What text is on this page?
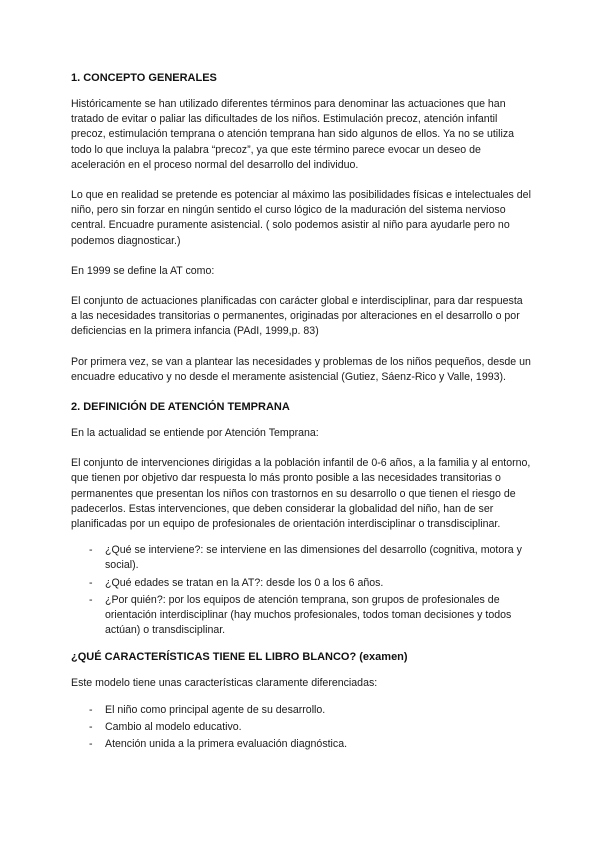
1. CONCEPTO GENERALES

Históricamente se han utilizado diferentes términos para denominar las actuaciones que han tratado de evitar o paliar las dificultades de los niños. Estimulación precoz, atención infantil precoz, estimulación temprana o atención temprana han sido algunos de ellos. Ya no se utiliza todo lo que incluya la palabra “precoz”, ya que este término parece evocar un deseo de aceleración en el proceso normal del desarrollo del individuo.

Lo que en realidad se pretende es potenciar al máximo las posibilidades físicas e intelectuales del niño, pero sin forzar en ningún sentido el curso lógico de la maduración del sistema nervioso central. Encuadre puramente asistencial. ( solo podemos asistir al niño para ayudarle pero no podemos diagnosticar.)

En 1999 se define la AT como:

El conjunto de actuaciones planificadas con carácter global e interdisciplinar, para dar respuesta a las necesidades transitorias o permanentes, originadas por alteraciones en el desarrollo o por deficiencias en la primera infancia (PAdI, 1999,p. 83)

Por primera vez, se van a plantear las necesidades y problemas de los niños pequeños, desde un encuadre educativo y no desde el meramente asistencial (Gutiez, Sáenz-Rico y Valle, 1993).

2. DEFINICIÓN DE ATENCIÓN TEMPRANA

En la actualidad se entiende por Atención Temprana:

El conjunto de intervenciones dirigidas a la población infantil de 0-6 años, a la familia y al entorno, que tienen por objetivo dar respuesta lo más pronto posible a las necesidades transitorias o permanentes que presentan los niños con trastornos en su desarrollo o que tienen el riesgo de padecerlos. Estas intervenciones, que deben considerar la globalidad del niño, han de ser planificadas por un equipo de profesionales de orientación interdisciplinar o transdisciplinar.

- ¿Qué se interviene?: se interviene en las dimensiones del desarrollo (cognitiva, motora y social).
- ¿Qué edades se tratan en la AT?: desde los 0 a los 6 años.
- ¿Por quién?: por los equipos de atención temprana, son grupos de profesionales de orientación interdisciplinar (hay muchos profesionales, todos toman decisiones y todos actúan) o transdisciplinar.
¿QUÉ CARACTERÍSTICAS TIENE EL LIBRO BLANCO? (examen)

Este modelo tiene unas características claramente diferenciadas:

- El niño como principal agente de su desarrollo.
- Cambio al modelo educativo.
- Atención unida a la primera evaluación diagnóstica.
